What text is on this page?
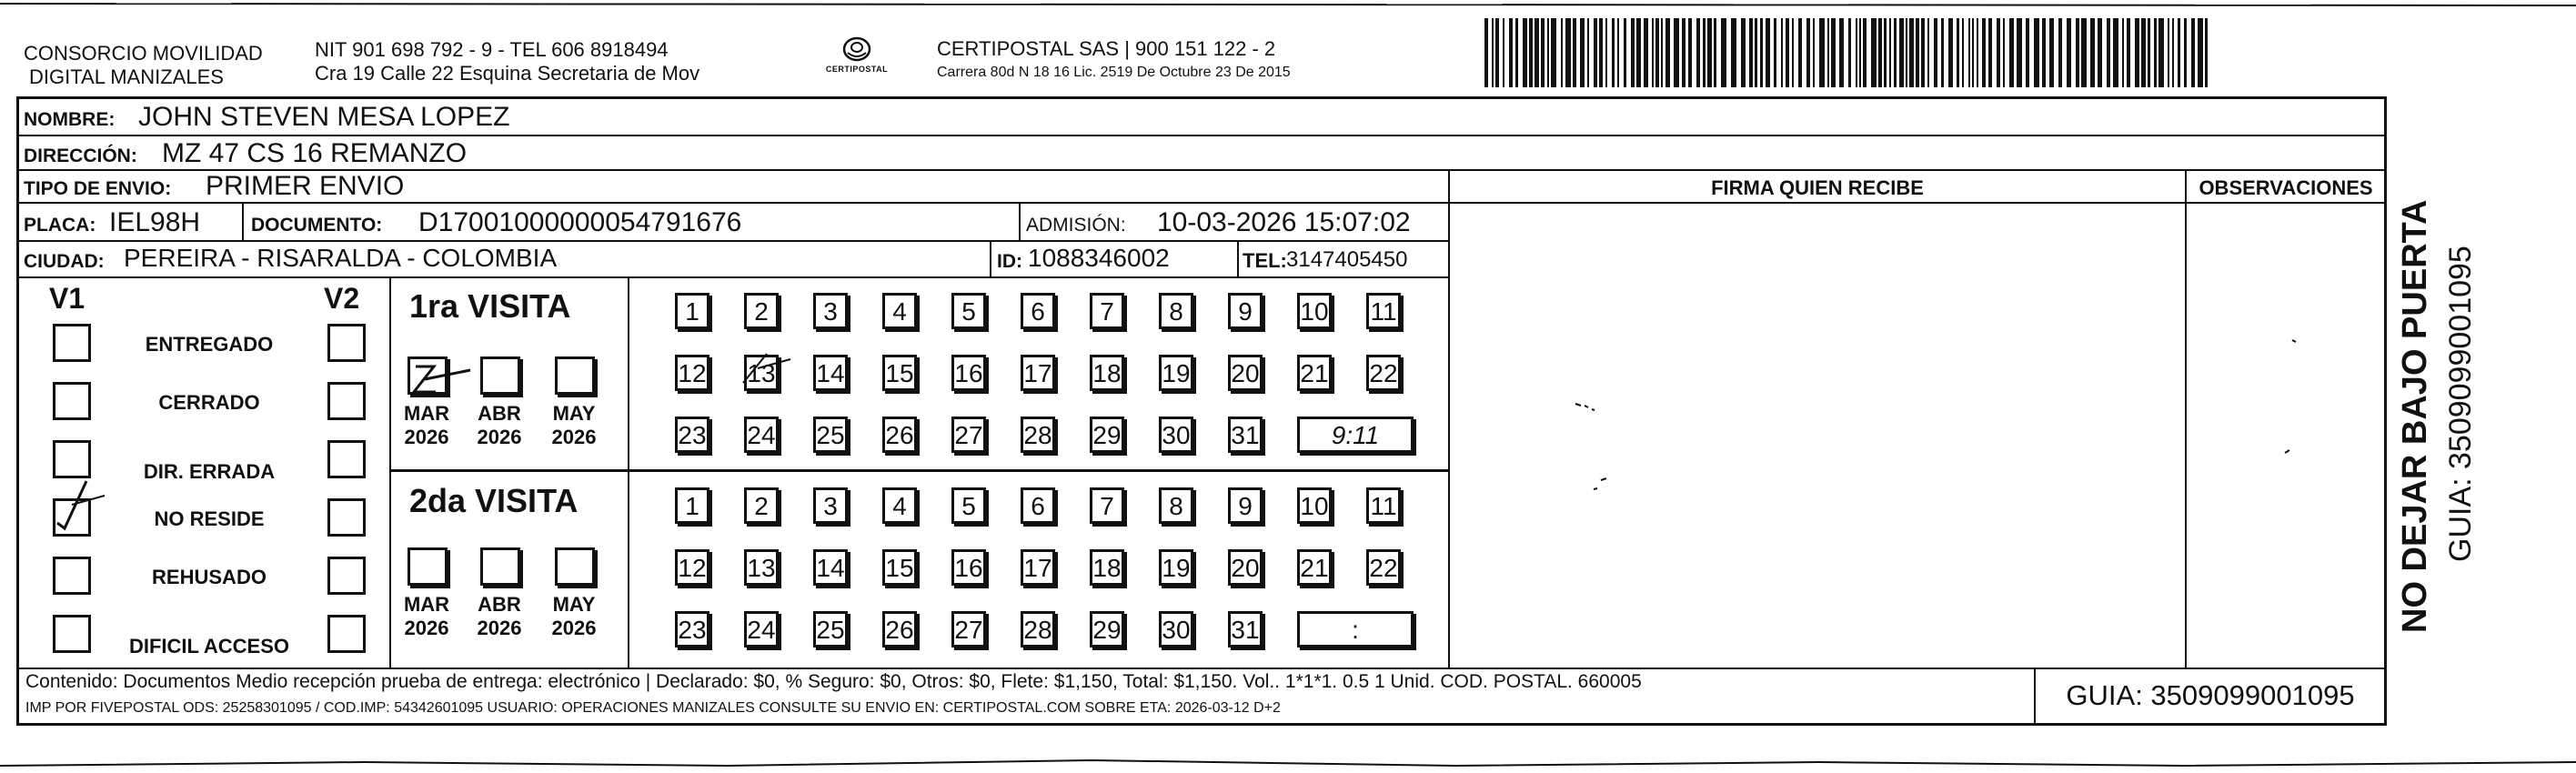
CONSORCIO MOVILIDAD
DIGITAL MANIZALES
NIT 901 698 792 - 9 - TEL 606 8918494
Cra 19 Calle 22 Esquina Secretaria de Mov	CERTIPOSTAL
CERTIPOSTAL SAS | 900 151 122 - 2
Carrera 80d N 18 16 Lic. 2519 De Octubre 23 De 2015
NOMBRE: JOHN STEVEN MESA LOPEZ
DIRECCIÓN: MZ 47 CS 16 REMANZO
TIPO DE ENVIO: PRIMER ENVIO
PLACA: IEL98H	DOCUMENTO: D17001000000054791676	ADMISIÓN: 10-03-2026 15:07:02
CIUDAD: PEREIRA - RISARALDA - COLOMBIA	ID: 1088346002	TEL: 3147405450
FIRMA QUIEN RECIBE	OBSERVACIONES
V1	V2
ENTREGADO
CERRADO
DIR. ERRADA
NO RESIDE
REHUSADO
DIFICIL ACCESO
1ra VISITA
2da VISITA
1	2	3	4	5	6	7	8	9	10 11
12 13 14 15 16 17 18 19 20 21 22
23 24 25 26 27 28 29 30 31	9:11
1	2	3	4	5	6	7	8	9	10 11
12 13 14 15 16 17 18 19 20 21 22
23 24 25 26 27 28 29 30 31	:
MAR
2026
ABR
2026
MAY
2026
MAR
2026
ABR
2026
MAY
2026
Contenido: Documentos Medio recepción prueba de entrega: electrónico | Declarado: $0, % Seguro: $0, Otros: $0, Flete: $1,150, Total: $1,150. Vol.. 1*1*1. 0.5 1 Unid. COD. POSTAL. 660005
IMP POR FIVEPOSTAL ODS: 25258301095 / COD.IMP: 54342601095 USUARIO: OPERACIONES MANIZALES CONSULTE SU ENVIO EN: CERTIPOSTAL.COM SOBRE ETA: 2026-03-12 D+2	GUIA: 3509099001095
NO DEJAR BAJO PUERTA GUIA: 3509099001095
